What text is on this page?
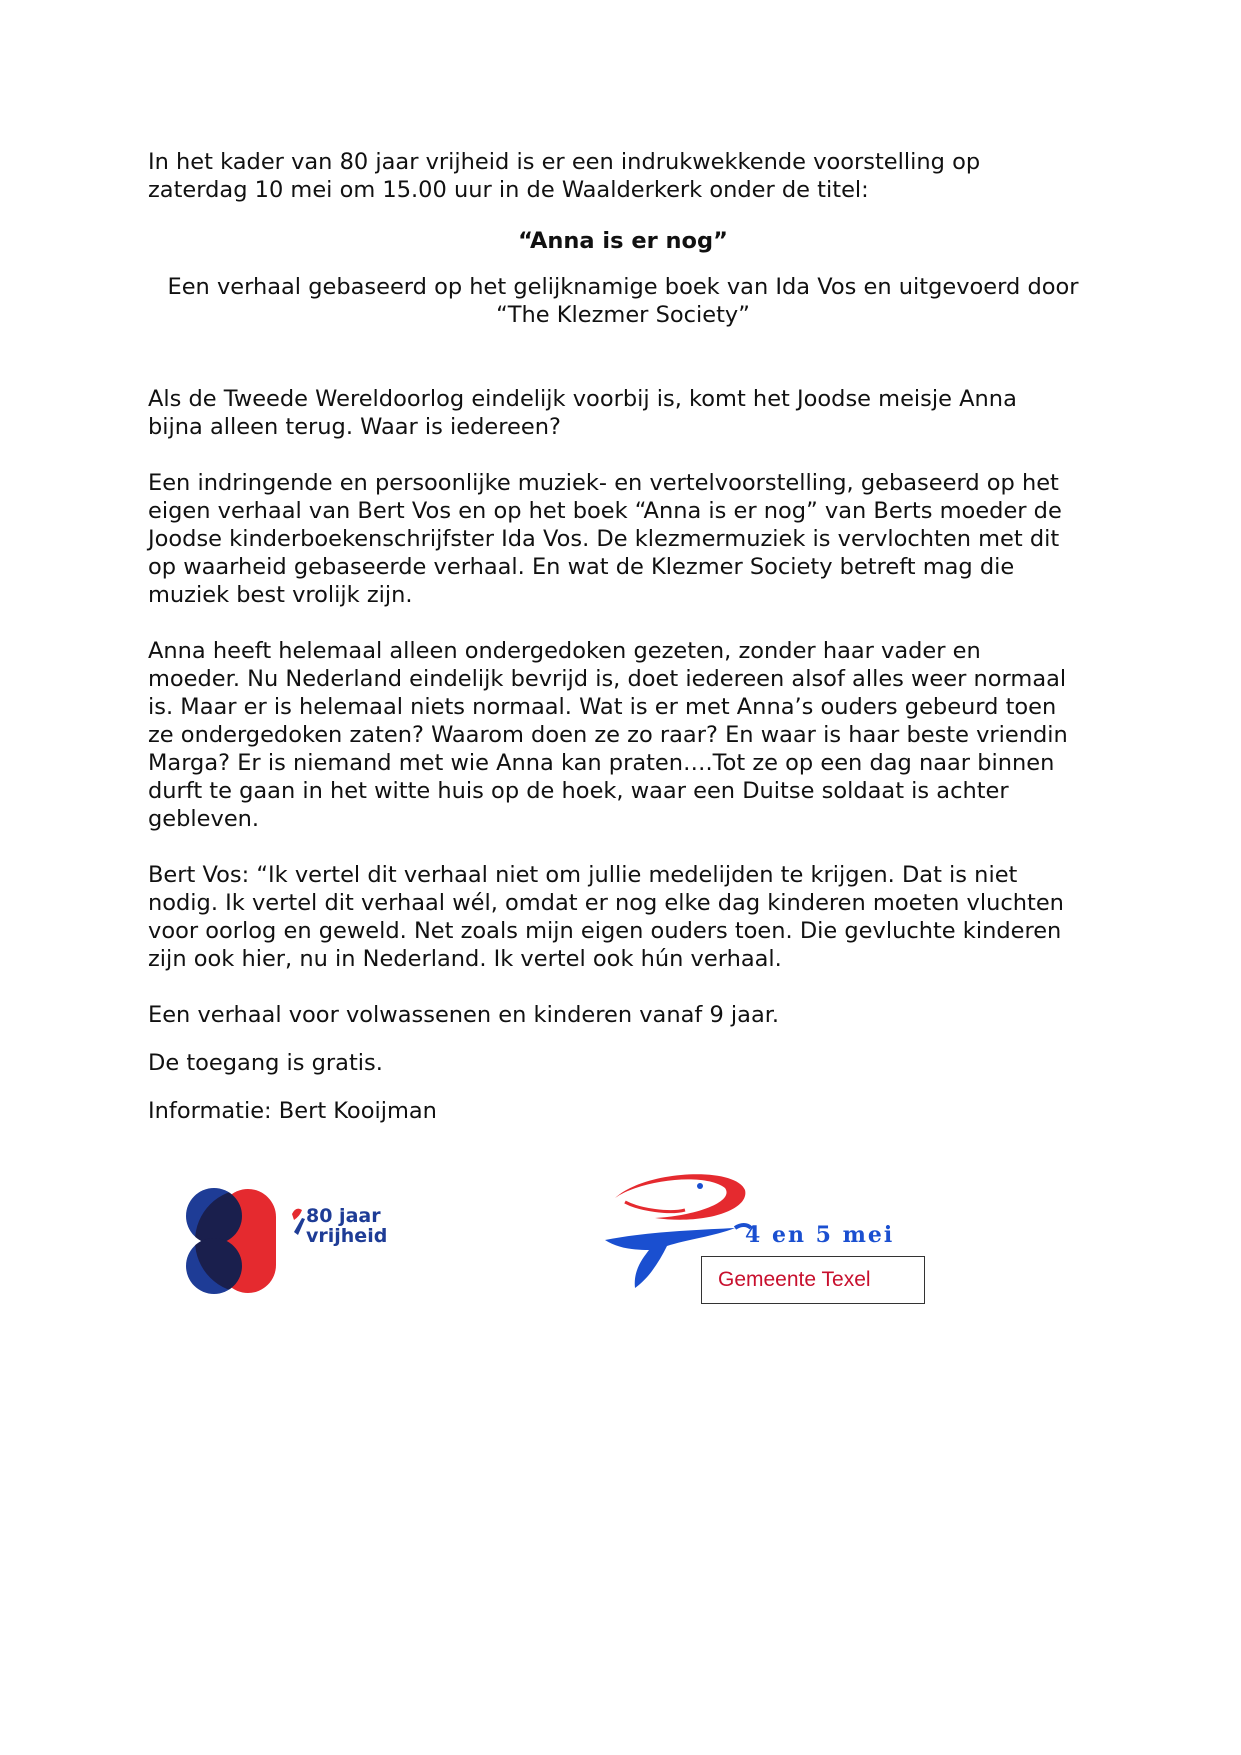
In het kader van 80 jaar vrijheid is er een indrukwekkende voorstelling op
zaterdag 10 mei om 15.00 uur in de Waalderkerk onder de titel:

“Anna is er nog”

Een verhaal gebaseerd op het gelijknamige boek van Ida Vos en uitgevoerd door
“The Klezmer Society”

Als de Tweede Wereldoorlog eindelijk voorbij is, komt het Joodse meisje Anna
bijna alleen terug. Waar is iedereen?

Een indringende en persoonlijke muziek- en vertelvoorstelling, gebaseerd op het
eigen verhaal van Bert Vos en op het boek “Anna is er nog” van Berts moeder de
Joodse kinderboekenschrijfster Ida Vos. De klezmermuziek is vervlochten met dit
op waarheid gebaseerde verhaal. En wat de Klezmer Society betreft mag die
muziek best vrolijk zijn.

Anna heeft helemaal alleen ondergedoken gezeten, zonder haar vader en
moeder. Nu Nederland eindelijk bevrijd is, doet iedereen alsof alles weer normaal
is. Maar er is helemaal niets normaal. Wat is er met Anna’s ouders gebeurd toen
ze ondergedoken zaten? Waarom doen ze zo raar? En waar is haar beste vriendin
Marga? Er is niemand met wie Anna kan praten….Tot ze op een dag naar binnen
durft te gaan in het witte huis op de hoek, waar een Duitse soldaat is achter
gebleven.

Bert Vos: “Ik vertel dit verhaal niet om jullie medelijden te krijgen. Dat is niet
nodig. Ik vertel dit verhaal wél, omdat er nog elke dag kinderen moeten vluchten
voor oorlog en geweld. Net zoals mijn eigen ouders toen. Die gevluchte kinderen
zijn ook hier, nu in Nederland. Ik vertel ook hún verhaal.

Een verhaal voor volwassenen en kinderen vanaf 9 jaar.

De toegang is gratis.

Informatie: Bert Kooijman

80 jaar
vrijheid	4 en 5 mei
Gemeente Texel
